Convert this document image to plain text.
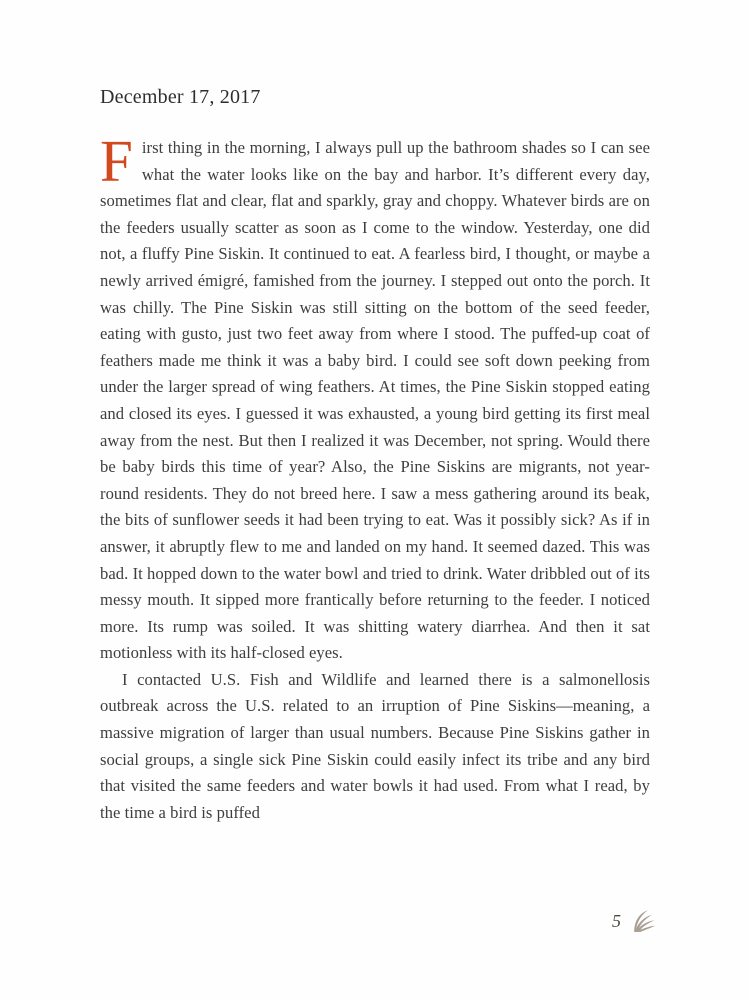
December 17, 2017

First thing in the morning, I always pull up the bathroom shades so I can see what the water looks like on the bay and harbor. It’s different every day, sometimes flat and clear, flat and sparkly, gray and choppy. Whatever birds are on the feeders usually scatter as soon as I come to the window. Yesterday, one did not, a fluffy Pine Siskin. It continued to eat. A fearless bird, I thought, or maybe a newly arrived émigré, famished from the journey. I stepped out onto the porch. It was chilly. The Pine Siskin was still sitting on the bottom of the seed feeder, eating with gusto, just two feet away from where I stood. The puffed-up coat of feathers made me think it was a baby bird. I could see soft down peeking from under the larger spread of wing feathers. At times, the Pine Siskin stopped eating and closed its eyes. I guessed it was exhausted, a young bird getting its first meal away from the nest. But then I realized it was December, not spring. Would there be baby birds this time of year? Also, the Pine Siskins are migrants, not year-round residents. They do not breed here. I saw a mess gathering around its beak, the bits of sunflower seeds it had been trying to eat. Was it possibly sick? As if in answer, it abruptly flew to me and landed on my hand. It seemed dazed. This was bad. It hopped down to the water bowl and tried to drink. Water dribbled out of its messy mouth. It sipped more frantically before returning to the feeder. I noticed more. Its rump was soiled. It was shitting watery diarrhea. And then it sat motionless with its half-closed eyes.

I contacted U.S. Fish and Wildlife and learned there is a salmonellosis outbreak across the U.S. related to an irruption of Pine Siskins—meaning, a massive migration of larger than usual numbers. Because Pine Siskins gather in social groups, a single sick Pine Siskin could easily infect its tribe and any bird that visited the same feeders and water bowls it had used. From what I read, by the time a bird is puffed

5
